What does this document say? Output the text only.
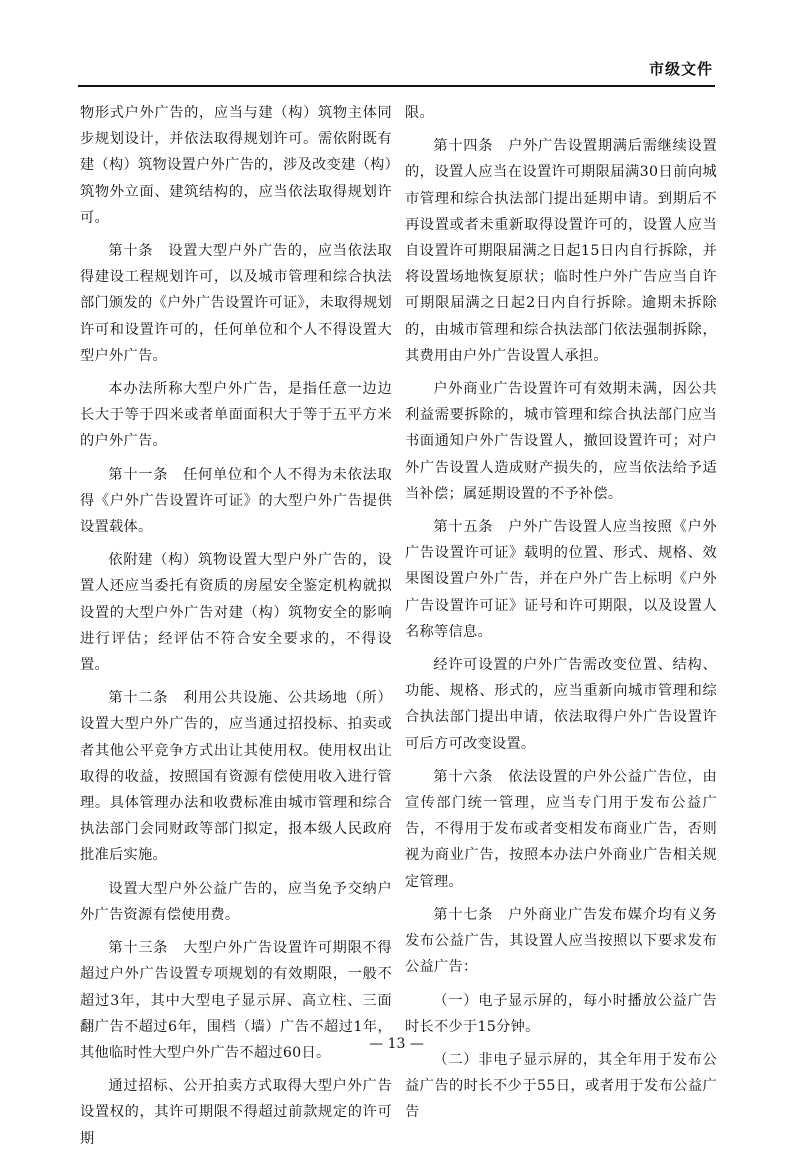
市级文件

物形式户外广告的，应当与建（构）筑物主体同步规划设计，并依法取得规划许可。需依附既有建（构）筑物设置户外广告的，涉及改变建（构）筑物外立面、建筑结构的，应当依法取得规划许可。

第十条　设置大型户外广告的，应当依法取得建设工程规划许可，以及城市管理和综合执法部门颁发的《户外广告设置许可证》，未取得规划许可和设置许可的，任何单位和个人不得设置大型户外广告。

本办法所称大型户外广告，是指任意一边边长大于等于四米或者单面面积大于等于五平方米的户外广告。

第十一条　任何单位和个人不得为未依法取得《户外广告设置许可证》的大型户外广告提供设置载体。

依附建（构）筑物设置大型户外广告的，设置人还应当委托有资质的房屋安全鉴定机构就拟设置的大型户外广告对建（构）筑物安全的影响进行评估；经评估不符合安全要求的，不得设置。

第十二条　利用公共设施、公共场地（所）设置大型户外广告的，应当通过招投标、拍卖或者其他公平竞争方式出让其使用权。使用权出让取得的收益，按照国有资源有偿使用收入进行管理。具体管理办法和收费标准由城市管理和综合执法部门会同财政等部门拟定，报本级人民政府批准后实施。

设置大型户外公益广告的，应当免予交纳户外广告资源有偿使用费。

第十三条　大型户外广告设置许可期限不得超过户外广告设置专项规划的有效期限，一般不超过3年，其中大型电子显示屏、高立柱、三面翻广告不超过6年，围档（墙）广告不超过1年，其他临时性大型户外广告不超过60日。

通过招标、公开拍卖方式取得大型户外广告设置权的，其许可期限不得超过前款规定的许可期

限。

第十四条　户外广告设置期满后需继续设置的，设置人应当在设置许可期限届满30日前向城市管理和综合执法部门提出延期申请。到期后不再设置或者未重新取得设置许可的，设置人应当自设置许可期限届满之日起15日内自行拆除，并将设置场地恢复原状；临时性户外广告应当自许可期限届满之日起2日内自行拆除。逾期未拆除的，由城市管理和综合执法部门依法强制拆除，其费用由户外广告设置人承担。

户外商业广告设置许可有效期未满，因公共利益需要拆除的，城市管理和综合执法部门应当书面通知户外广告设置人，撤回设置许可；对户外广告设置人造成财产损失的，应当依法给予适当补偿；属延期设置的不予补偿。

第十五条　户外广告设置人应当按照《户外广告设置许可证》载明的位置、形式、规格、效果图设置户外广告，并在户外广告上标明《户外广告设置许可证》证号和许可期限，以及设置人名称等信息。

经许可设置的户外广告需改变位置、结构、功能、规格、形式的，应当重新向城市管理和综合执法部门提出申请，依法取得户外广告设置许可后方可改变设置。

第十六条　依法设置的户外公益广告位，由宣传部门统一管理，应当专门用于发布公益广告，不得用于发布或者变相发布商业广告，否则视为商业广告，按照本办法户外商业广告相关规定管理。

第十七条　户外商业广告发布媒介均有义务发布公益广告，其设置人应当按照以下要求发布公益广告：

（一）电子显示屏的，每小时播放公益广告时长不少于15分钟。

（二）非电子显示屏的，其全年用于发布公益广告的时长不少于55日，或者用于发布公益广告

— 13 —
